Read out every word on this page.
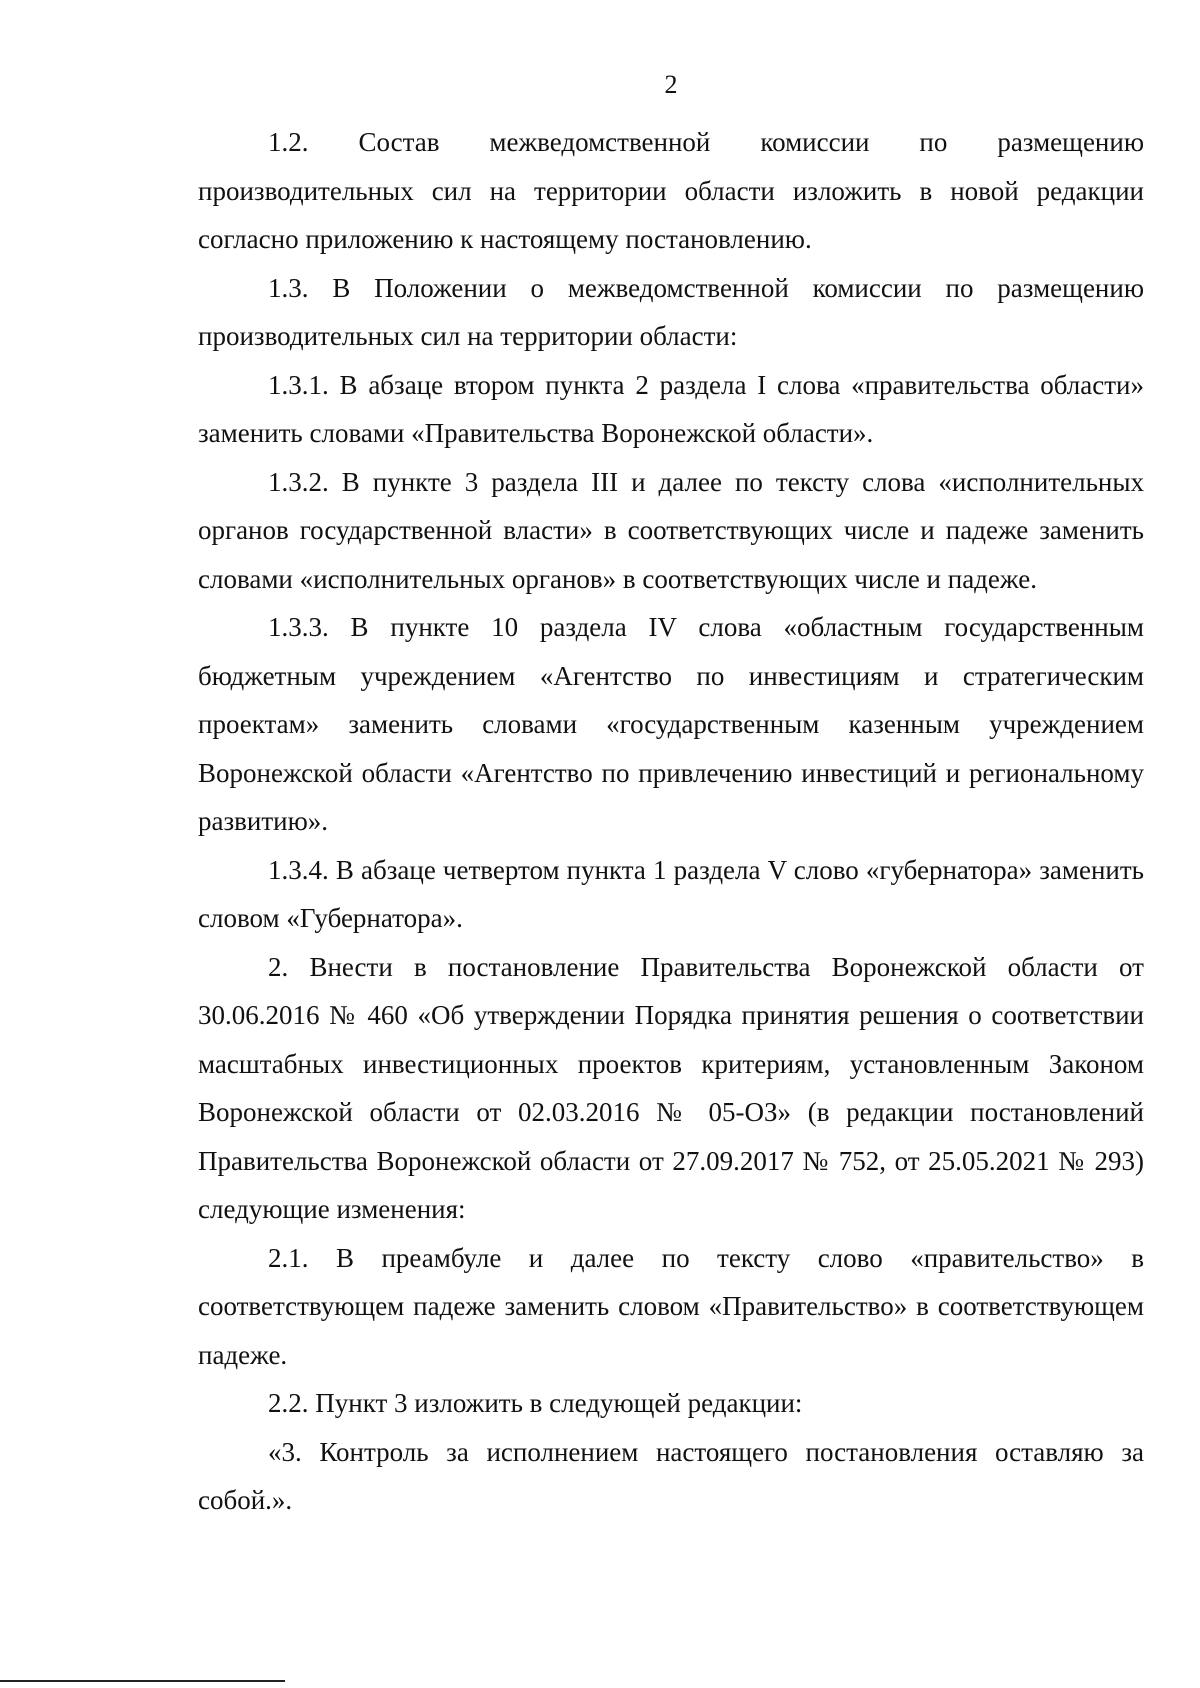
2

1.2. Состав межведомственной комиссии по размещению производительных сил на территории области изложить в новой редакции согласно приложению к настоящему постановлению.

1.3. В Положении о межведомственной комиссии по размещению производительных сил на территории области:

1.3.1. В абзаце втором пункта 2 раздела I слова «правительства области» заменить словами «Правительства Воронежской области».

1.3.2. В пункте 3 раздела III и далее по тексту слова «исполнительных органов государственной власти» в соответствующих числе и падеже заменить словами «исполнительных органов» в соответствующих числе и падеже.

1.3.3. В пункте 10 раздела IV слова «областным государственным бюджетным учреждением «Агентство по инвестициям и стратегическим проектам» заменить словами «государственным казенным учреждением Воронежской области «Агентство по привлечению инвестиций и региональному развитию».

1.3.4. В абзаце четвертом пункта 1 раздела V слово «губернатора» заменить словом «Губернатора».

2. Внести в постановление Правительства Воронежской области от 30.06.2016 № 460 «Об утверждении Порядка принятия решения о соответствии масштабных инвестиционных проектов критериям, установленным Законом Воронежской области от 02.03.2016 № 05-ОЗ» (в редакции постановлений Правительства Воронежской области от 27.09.2017 № 752, от 25.05.2021 № 293) следующие изменения:

2.1. В преамбуле и далее по тексту слово «правительство» в соответствующем падеже заменить словом «Правительство» в соответствующем падеже.

2.2. Пункт 3 изложить в следующей редакции:

«3. Контроль за исполнением настоящего постановления оставляю за собой.».
